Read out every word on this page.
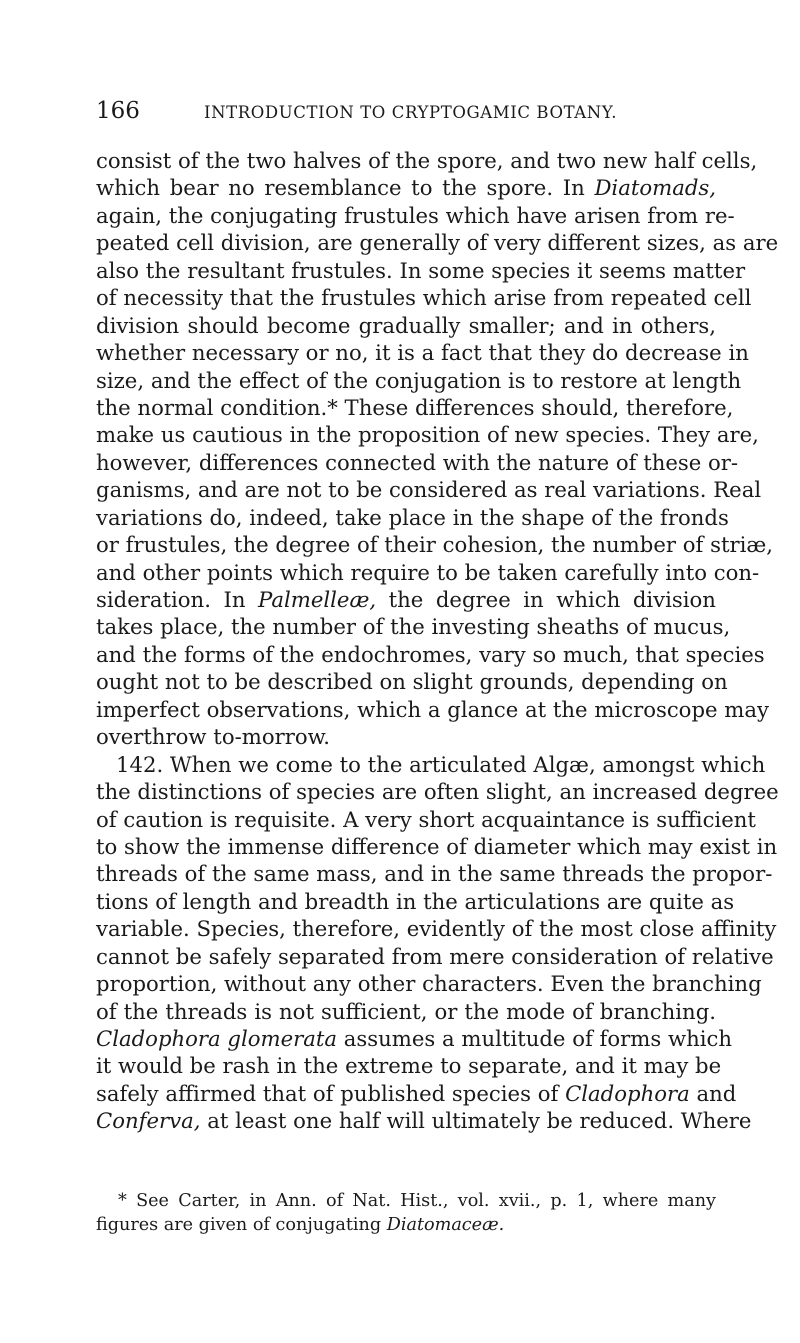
166	INTRODUCTION TO CRYPTOGAMIC BOTANY.
consist of the two halves of the spore, and two new half cells,
which bear no resemblance to the spore. In Diatomads,
again, the conjugating frustules which have arisen from re-
peated cell division, are generally of very different sizes, as are
also the resultant frustules. In some species it seems matter
of necessity that the frustules which arise from repeated cell
division should become gradually smaller; and in others,
whether necessary or no, it is a fact that they do decrease in
size, and the effect of the conjugation is to restore at length
the normal condition.* These differences should, therefore,
make us cautious in the proposition of new species. They are,
however, differences connected with the nature of these or-
ganisms, and are not to be considered as real variations. Real
variations do, indeed, take place in the shape of the fronds
or frustules, the degree of their cohesion, the number of striæ,
and other points which require to be taken carefully into con-
sideration. In Palmelleæ, the degree in which division
takes place, the number of the investing sheaths of mucus,
and the forms of the endochromes, vary so much, that species
ought not to be described on slight grounds, depending on
imperfect observations, which a glance at the microscope may
overthrow to-morrow.
142. When we come to the articulated Algæ, amongst which
the distinctions of species are often slight, an increased degree
of caution is requisite. A very short acquaintance is sufficient
to show the immense difference of diameter which may exist in
threads of the same mass, and in the same threads the propor-
tions of length and breadth in the articulations are quite as
variable. Species, therefore, evidently of the most close affinity
cannot be safely separated from mere consideration of relative
proportion, without any other characters. Even the branching
of the threads is not sufficient, or the mode of branching.
Cladophora glomerata assumes a multitude of forms which
it would be rash in the extreme to separate, and it may be
safely affirmed that of published species of Cladophora and
Conferva, at least one half will ultimately be reduced. Where
* See Carter, in Ann. of Nat. Hist., vol. xvii., p. 1, where many
figures are given of conjugating Diatomaceæ.
